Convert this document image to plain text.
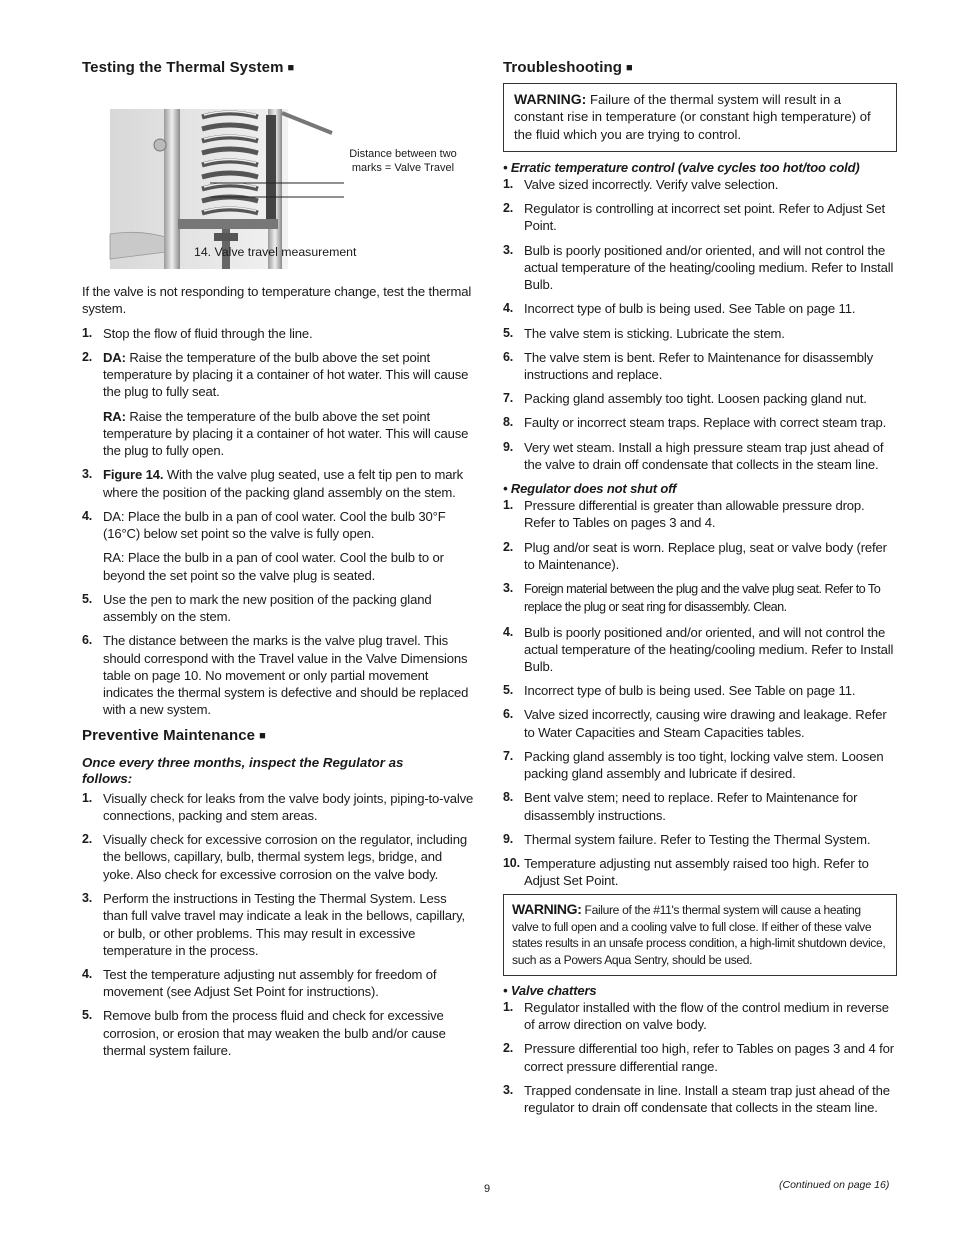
Testing the Thermal System ■
Distance between two marks = Valve Travel
14. Valve travel measurement

If the valve is not responding to temperature change, test the thermal system.

1. Stop the flow of fluid through the line.
2. DA: Raise the temperature of the bulb above the set point temperature by placing it a container of hot water. This will cause the plug to fully seat.
RA: Raise the temperature of the bulb above the set point temperature by placing it a container of hot water. This will cause the plug to fully open.
3. Figure 14. With the valve plug seated, use a felt tip pen to mark where the position of the packing gland assembly on the stem.
4. DA: Place the bulb in a pan of cool water. Cool the bulb 30°F (16°C) below set point so the valve is fully open.
RA: Place the bulb in a pan of cool water. Cool the bulb to or beyond the set point so the valve plug is seated.
5. Use the pen to mark the new position of the packing gland assembly on the stem.
6. The distance between the marks is the valve plug travel. This should correspond with the Travel value in the Valve Dimensions table on page 10. No movement or only partial movement indicates the thermal system is defective and should be replaced with a new system.
Preventive Maintenance ■

Once every three months, inspect the Regulator as follows:

1. Visually check for leaks from the valve body joints, piping-to-valve connections, packing and stem areas.
2. Visually check for excessive corrosion on the regulator, including the bellows, capillary, bulb, thermal system legs, bridge, and yoke. Also check for excessive corrosion on the valve body.
3. Perform the instructions in Testing the Thermal System. Less than full valve travel may indicate a leak in the bellows, capillary, or bulb, or other problems. This may result in excessive temperature in the process.
4. Test the temperature adjusting nut assembly for freedom of movement (see Adjust Set Point for instructions).
5. Remove bulb from the process fluid and check for excessive corrosion, or erosion that may weaken the bulb and/or cause thermal system failure.
Troubleshooting ■
WARNING: Failure of the thermal system will result in a constant rise in temperature (or constant high temperature) of the fluid which you are trying to control.

• Erratic temperature control (valve cycles too hot/too cold)

1. Valve sized incorrectly. Verify valve selection.
2. Regulator is controlling at incorrect set point. Refer to Adjust Set Point.
3. Bulb is poorly positioned and/or oriented, and will not control the actual temperature of the heating/cooling medium. Refer to Install Bulb.
4. Incorrect type of bulb is being used. See Table on page 11.
5. The valve stem is sticking. Lubricate the stem.
6. The valve stem is bent. Refer to Maintenance for disassembly instructions and replace.
7. Packing gland assembly too tight. Loosen packing gland nut.
8. Faulty or incorrect steam traps. Replace with correct steam trap.
9. Very wet steam. Install a high pressure steam trap just ahead of the valve to drain off condensate that collects in the steam line.

• Regulator does not shut off

1. Pressure differential is greater than allowable pressure drop. Refer to Tables on pages 3 and 4.
2. Plug and/or seat is worn. Replace plug, seat or valve body (refer to Maintenance).
3. Foreign material between the plug and the valve plug seat. Refer to To replace the plug or seat ring for disassembly. Clean.
4. Bulb is poorly positioned and/or oriented, and will not control the actual temperature of the heating/cooling medium. Refer to Install Bulb.
5. Incorrect type of bulb is being used. See Table on page 11.
6. Valve sized incorrectly, causing wire drawing and leakage. Refer to Water Capacities and Steam Capacities tables.
7. Packing gland assembly is too tight, locking valve stem. Loosen packing gland assembly and lubricate if desired.
8. Bent valve stem; need to replace. Refer to Maintenance for disassembly instructions.
9. Thermal system failure. Refer to Testing the Thermal System.
10. Temperature adjusting nut assembly raised too high. Refer to Adjust Set Point.
WARNING: Failure of the #11's thermal system will cause a heating valve to full open and a cooling valve to full close. If either of these valve states results in an unsafe process condition, a high-limit shutdown device, such as a Powers Aqua Sentry, should be used.

• Valve chatters

1. Regulator installed with the flow of the control medium in reverse of arrow direction on valve body.
2. Pressure differential too high, refer to Tables on pages 3 and 4 for correct pressure differential range.
3. Trapped condensate in line. Install a steam trap just ahead of the regulator to drain off condensate that collects in the steam line.
9	(Continued on page 16)
